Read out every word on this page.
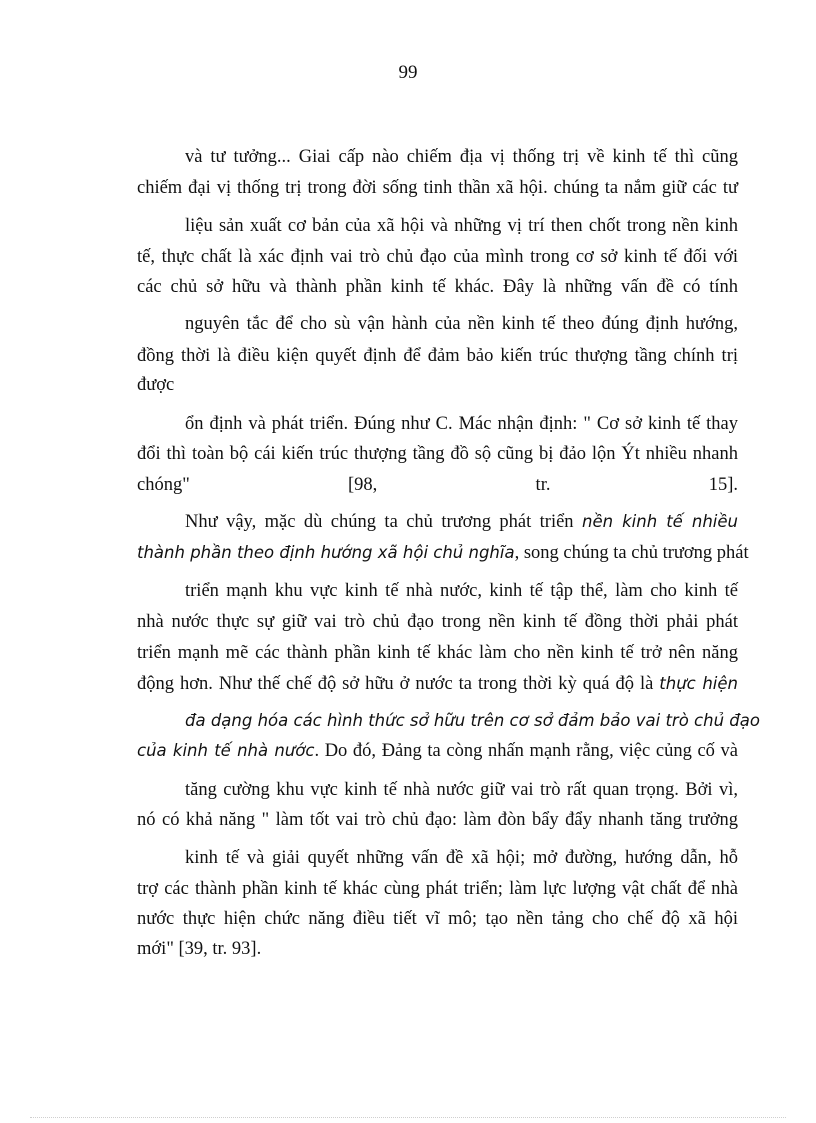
99
và tư tưởng... Giai cấp nào chiếm địa vị thống trị về kinh tế thì cũng
chiếm đại vị thống trị trong đời sống tinh thần xã hội. chúng ta nắm giữ các tư
liệu sản xuất cơ bản của xã hội và những vị trí then chốt trong nền kinh
tế, thực chất là xác định vai trò chủ đạo của mình trong cơ sở kinh tế đối với
các chủ sở hữu và thành phần kinh tế khác. Đây là những vấn đề có tính
nguyên tắc để cho sù vận hành của nền kinh tế theo đúng định hướng,
đồng thời là điều kiện quyết định để đảm bảo kiến trúc thượng tầng chính trị
được
ổn định và phát triển. Đúng như C. Mác nhận định: " Cơ sở kinh tế thay
đổi thì toàn bộ cái kiến trúc thượng tầng đồ sộ cũng bị đảo lộn Ýt nhiều nhanh
chóng" [98, tr. 15].
Như vậy, mặc dù chúng ta chủ trương phát triển nền kinh tế nhiều
thành phần theo định hướng xã hội chủ nghĩa, song chúng ta chủ trương phát
triển mạnh khu vực kinh tế nhà nước, kinh tế tập thể, làm cho kinh tế
nhà nước thực sự giữ vai trò chủ đạo trong nền kinh tế đồng thời phải phát
triển mạnh mẽ các thành phần kinh tế khác làm cho nền kinh tế trở nên năng
động hơn. Như thế chế độ sở hữu ở nước ta trong thời kỳ quá độ là thực hiện
đa dạng hóa các hình thức sở hữu trên cơ sở đảm bảo vai trò chủ đạo
của kinh tế nhà nước. Do đó, Đảng ta còng nhấn mạnh rằng, việc củng cố và
tăng cường khu vực kinh tế nhà nước giữ vai trò rất quan trọng. Bởi vì,
nó có khả năng " làm tốt vai trò chủ đạo: làm đòn bẩy đẩy nhanh tăng trưởng
kinh tế và giải quyết những vấn đề xã hội; mở đường, hướng dẫn, hỗ
trợ các thành phần kinh tế khác cùng phát triển; làm lực lượng vật chất để nhà
nước thực hiện chức năng điều tiết vĩ mô; tạo nền tảng cho chế độ xã hội
mới" [39, tr. 93].
